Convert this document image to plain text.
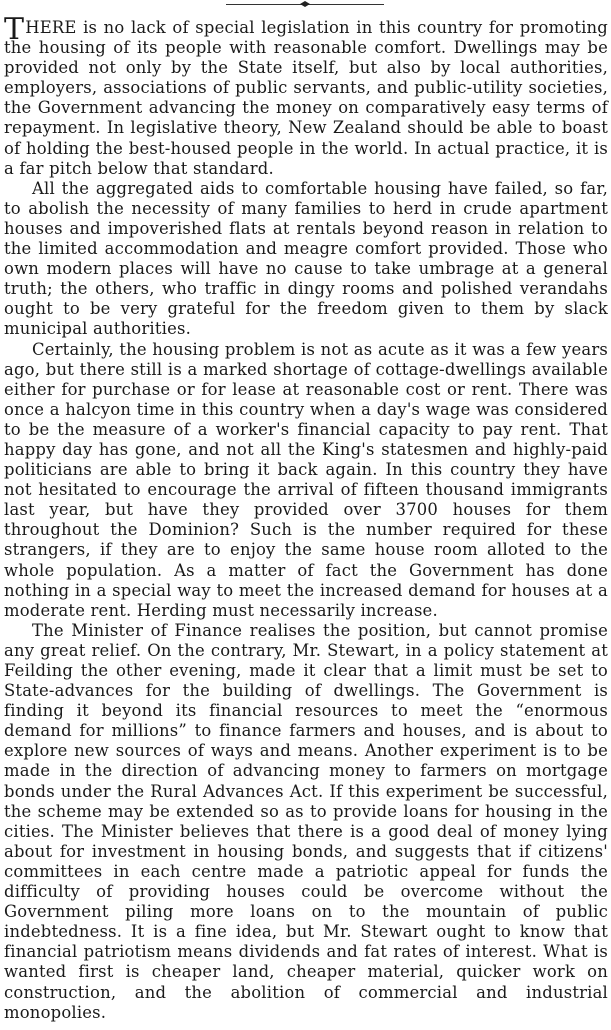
THERE is no lack of special legislation in this country for promoting the housing of its people with reasonable comfort. Dwellings may be provided not only by the State itself, but also by local authorities, employers, associations of public servants, and public-utility societies, the Government advancing the money on comparatively easy terms of repayment. In legislative theory, New Zealand should be able to boast of holding the best-housed people in the world. In actual practice, it is a far pitch below that standard.

All the aggregated aids to comfortable housing have failed, so far, to abolish the necessity of many families to herd in crude apartment houses and impoverished flats at rentals beyond reason in relation to the limited accommodation and meagre comfort provided. Those who own modern places will have no cause to take umbrage at a general truth; the others, who traffic in dingy rooms and polished verandahs ought to be very grateful for the freedom given to them by slack municipal authorities.

Certainly, the housing problem is not as acute as it was a few years ago, but there still is a marked shortage of cottage-dwellings available either for purchase or for lease at reasonable cost or rent. There was once a halcyon time in this country when a day's wage was considered to be the measure of a worker's financial capacity to pay rent. That happy day has gone, and not all the King's statesmen and highly-paid politicians are able to bring it back again. In this country they have not hesitated to encourage the arrival of fifteen thousand immigrants last year, but have they provided over 3700 houses for them throughout the Dominion? Such is the number required for these strangers, if they are to enjoy the same house room alloted to the whole population. As a matter of fact the Government has done nothing in a special way to meet the increased demand for houses at a moderate rent. Herding must necessarily increase.

The Minister of Finance realises the position, but cannot promise any great relief. On the contrary, Mr. Stewart, in a policy statement at Feilding the other evening, made it clear that a limit must be set to State-advances for the building of dwellings. The Government is finding it beyond its financial resources to meet the “enormous demand for millions” to finance farmers and houses, and is about to explore new sources of ways and means. Another experiment is to be made in the direction of advancing money to farmers on mortgage bonds under the Rural Advances Act. If this experiment be successful, the scheme may be extended so as to provide loans for housing in the cities. The Minister believes that there is a good deal of money lying about for investment in housing bonds, and suggests that if citizens' committees in each centre made a patriotic appeal for funds the difficulty of providing houses could be overcome without the Government piling more loans on to the mountain of public indebtedness. It is a fine idea, but Mr. Stewart ought to know that financial patriotism means dividends and fat rates of interest. What is wanted first is cheaper land, cheaper material, quicker work on construction, and the abolition of commercial and industrial monopolies.
